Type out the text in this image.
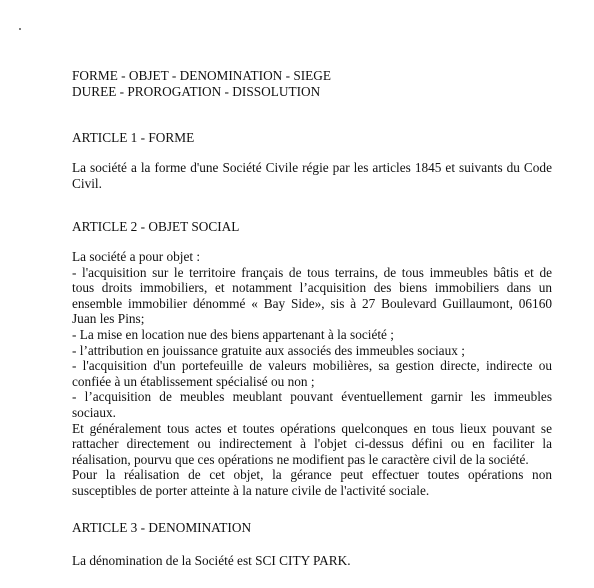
FORME - OBJET - DENOMINATION - SIEGE
DUREE - PROROGATION - DISSOLUTION
ARTICLE 1 - FORME
La société a la forme d'une Société Civile régie par les articles 1845 et suivants du Code
Civil.
ARTICLE 2 - OBJET SOCIAL
La société a pour objet :
- l'acquisition sur le territoire français de tous terrains, de tous immeubles bâtis et de
tous droits immobiliers, et notamment l’acquisition des biens immobiliers dans un
ensemble immobilier dénommé « Bay Side», sis à 27 Boulevard Guillaumont, 06160
Juan les Pins;
- La mise en location nue des biens appartenant à la société ;
- l’attribution en jouissance gratuite aux associés des immeubles sociaux ;
- l'acquisition d'un portefeuille de valeurs mobilières, sa gestion directe, indirecte ou
confiée à un établissement spécialisé ou non ;
- l’acquisition de meubles meublant pouvant éventuellement garnir les immeubles
sociaux.
Et généralement tous actes et toutes opérations quelconques en tous lieux pouvant se
rattacher directement ou indirectement à l'objet ci-dessus défini ou en faciliter la
réalisation, pourvu que ces opérations ne modifient pas le caractère civil de la société.
Pour la réalisation de cet objet, la gérance peut effectuer toutes opérations non
susceptibles de porter atteinte à la nature civile de l'activité sociale.
ARTICLE 3 - DENOMINATION
La dénomination de la Société est SCI CITY PARK.
